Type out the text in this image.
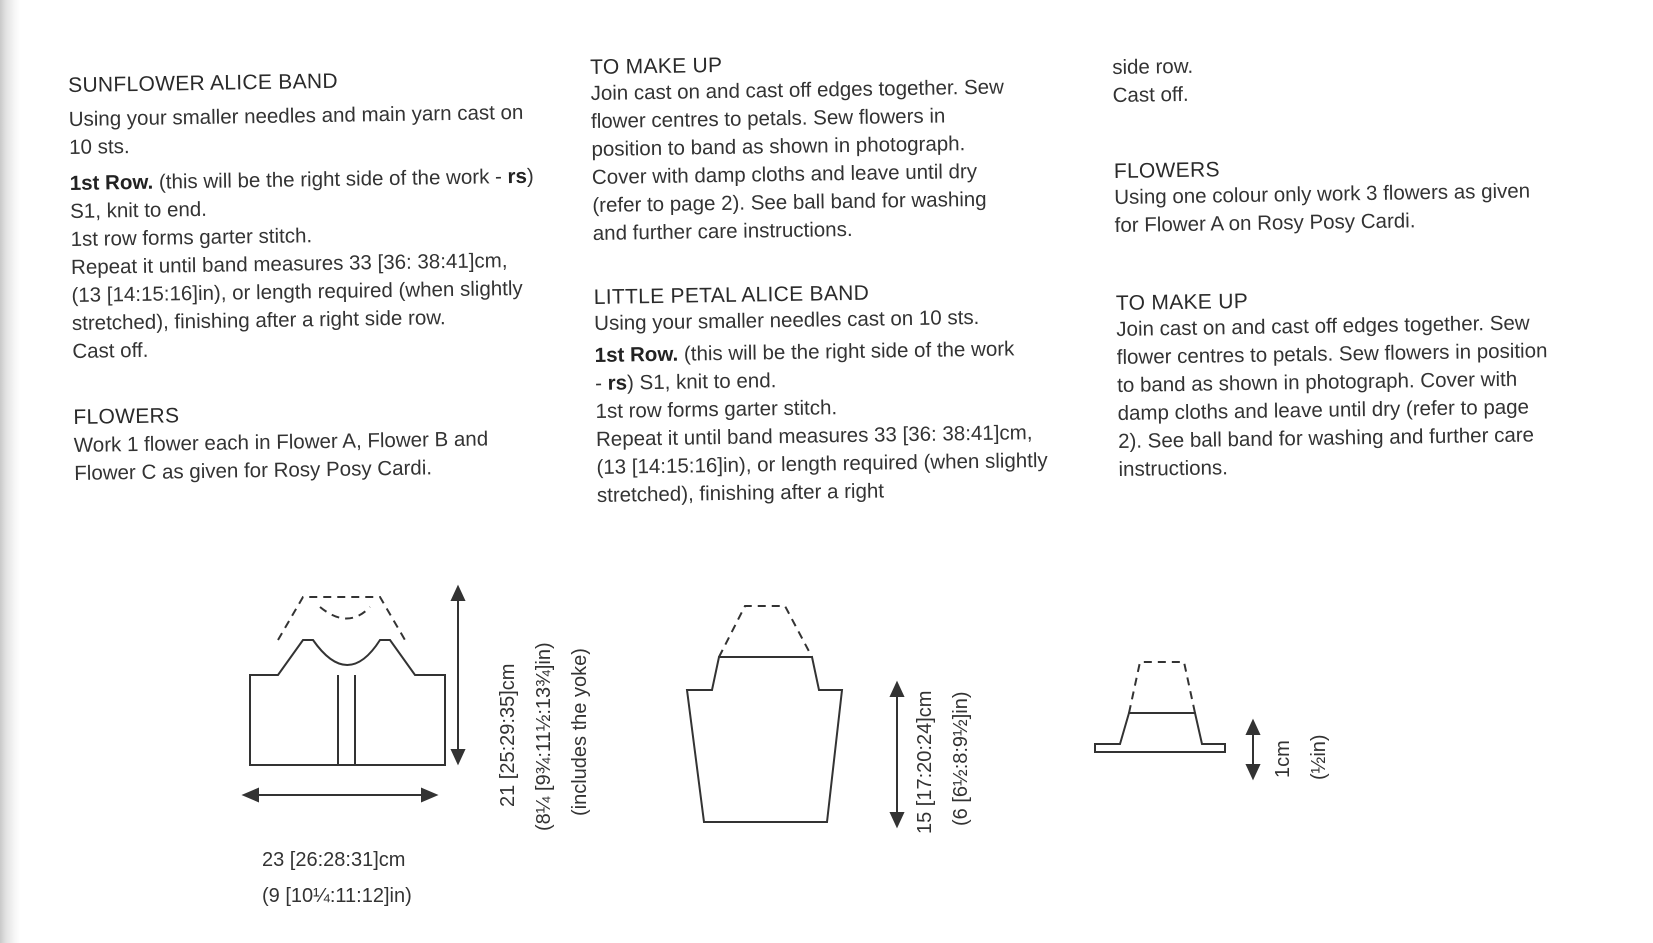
SUNFLOWER ALICE BAND

Using your smaller needles and main yarn cast on 10 sts.

1st Row. (this will be the right side of the work - rs) S1, knit to end.

1st row forms garter stitch.

Repeat it until band measures 33 [36: 38:41]cm, (13 [14:15:16]in), or length required (when slightly stretched), finishing after a right side row.

Cast off.

FLOWERS

Work 1 flower each in Flower A, Flower B and Flower C as given for Rosy Posy Cardi.

TO MAKE UP

Join cast on and cast off edges together. Sew flower centres to petals. Sew flowers in position to band as shown in photograph. Cover with damp cloths and leave until dry (refer to page 2). See ball band for washing and further care instructions.

LITTLE PETAL ALICE BAND

Using your smaller needles cast on 10 sts.

1st Row. (this will be the right side of the work - rs) S1, knit to end.

1st row forms garter stitch.

Repeat it until band measures 33 [36: 38:41]cm, (13 [14:15:16]in), or length required (when slightly stretched), finishing after a right

side row.

Cast off.

FLOWERS

Using one colour only work 3 flowers as given for Flower A on Rosy Posy Cardi.

TO MAKE UP

Join cast on and cast off edges together. Sew flower centres to petals. Sew flowers in position to band as shown in photograph. Cover with damp cloths and leave until dry (refer to page 2). See ball band for washing and further care instructions.

21 [25:29:35]cm (8¼ [9¾:11½:13¾]in) (includes the yoke)
23 [26:28:31]cm
(9 [10¼:11:12]in)
15 [17:20:24]cm (6 [6½:8:9½]in)	1cm (½in)
